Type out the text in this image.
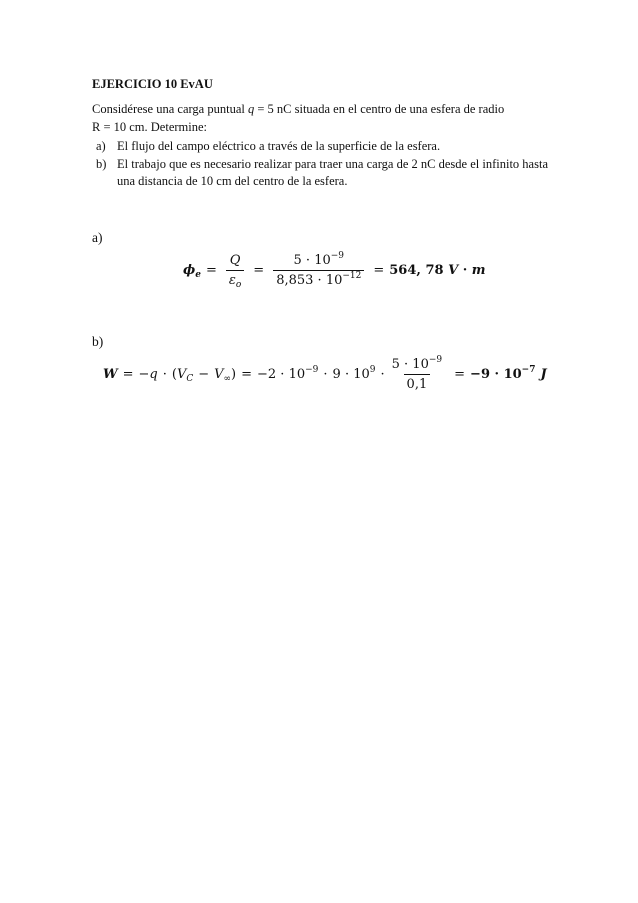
EJERCICIO 10 EvAU
Considérese una carga puntual q = 5 nC situada en el centro de una esfera de radio
R = 10 cm. Determine:
a) El flujo del campo eléctrico a través de la superficie de la esfera.
b) El trabajo que es necesario realizar para traer una carga de 2 nC desde el infinito hasta una distancia de 10 cm del centro de la esfera.
a)
$\phi_e = \frac{Q}{\varepsilon_o} = \frac{5 \cdot 10^{-9}}{8,853 \cdot 10^{-12}} = 564$, 78 V · m
b)
$W = -q \cdot (V_C - V_\infty) = -2 \cdot 10^{-9} \cdot 9 \cdot 10^9 \cdot \frac{5 \cdot 10^{-9}}{0,1} = -9 \cdot 10^{-7}$ J
